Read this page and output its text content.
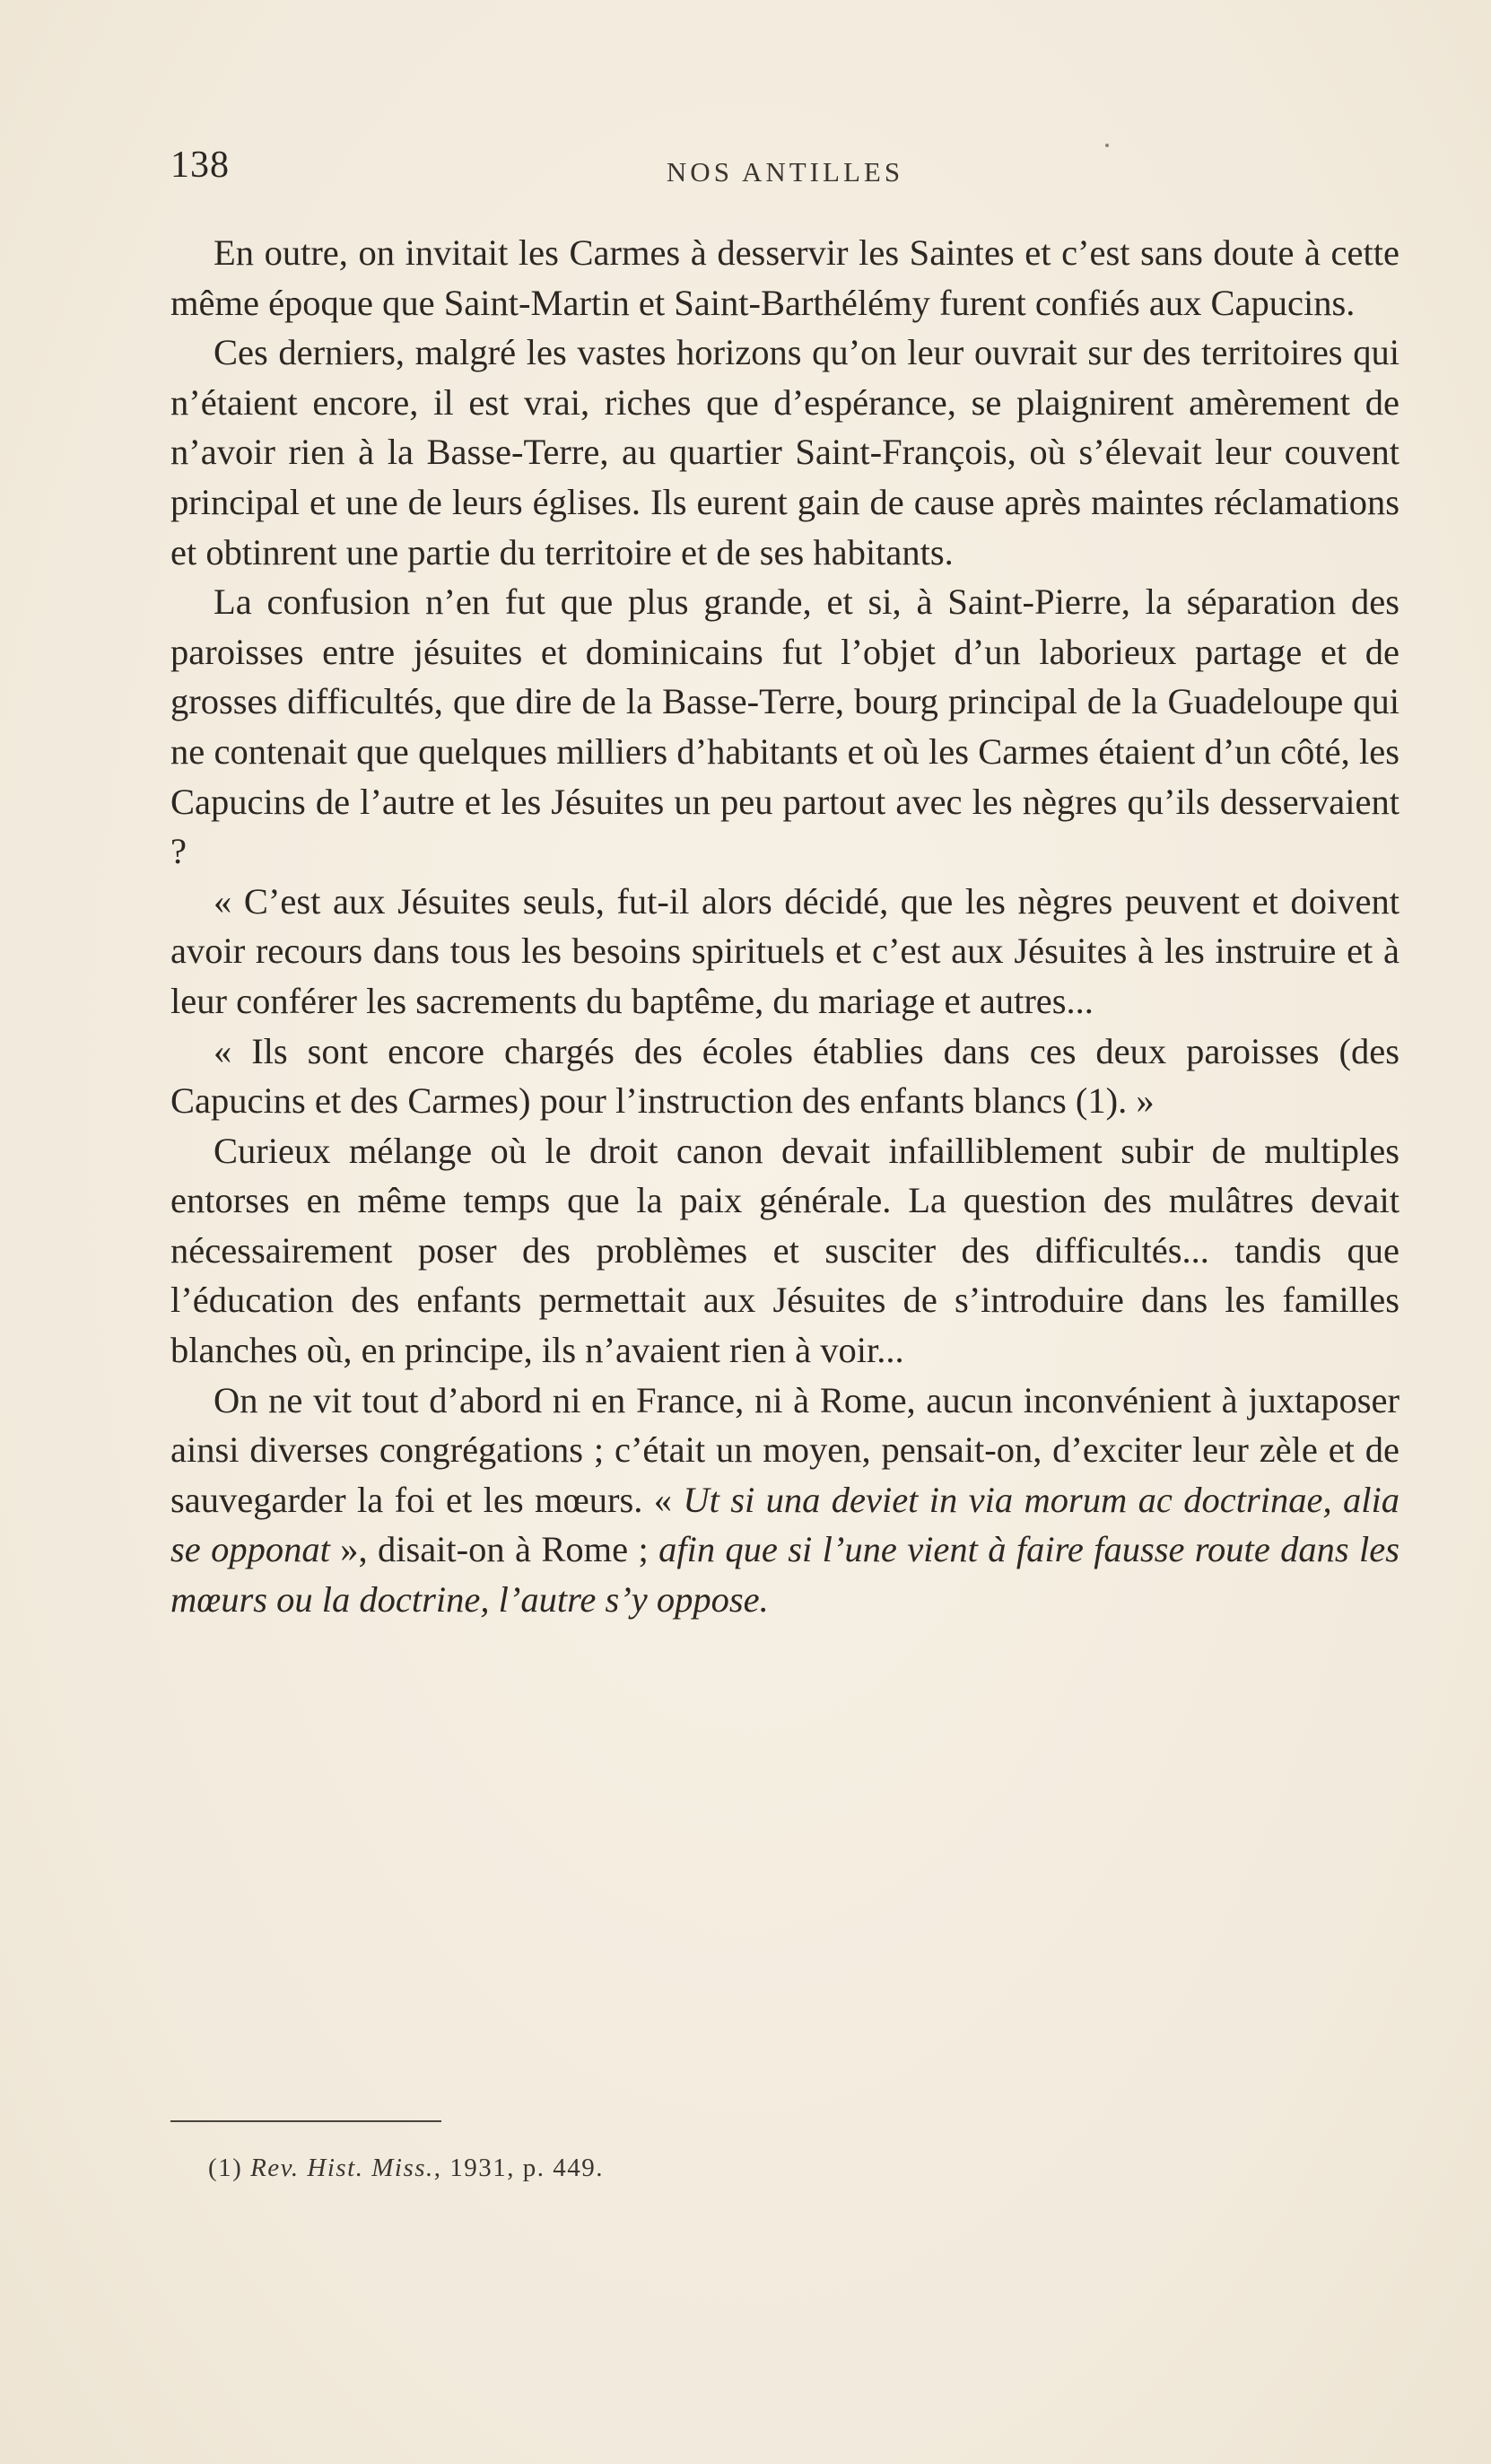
138	NOS ANTILLES

En outre, on invitait les Carmes à desservir les Saintes et c’est sans doute à cette même époque que Saint-Martin et Saint-Barthélémy furent confiés aux Capucins.

Ces derniers, malgré les vastes horizons qu’on leur ouvrait sur des territoires qui n’étaient encore, il est vrai, riches que d’espérance, se plaignirent amèrement de n’avoir rien à la Basse-Terre, au quartier Saint-François, où s’élevait leur couvent principal et une de leurs églises. Ils eurent gain de cause après maintes réclamations et obtinrent une partie du territoire et de ses habitants.

La confusion n’en fut que plus grande, et si, à Saint-Pierre, la séparation des paroisses entre jésuites et dominicains fut l’objet d’un laborieux partage et de grosses difficultés, que dire de la Basse-Terre, bourg principal de la Guadeloupe qui ne contenait que quelques milliers d’habitants et où les Carmes étaient d’un côté, les Capucins de l’autre et les Jésuites un peu partout avec les nègres qu’ils desservaient ?

« C’est aux Jésuites seuls, fut-il alors décidé, que les nègres peuvent et doivent avoir recours dans tous les besoins spirituels et c’est aux Jésuites à les instruire et à leur conférer les sacrements du baptême, du mariage et autres...

« Ils sont encore chargés des écoles établies dans ces deux paroisses (des Capucins et des Carmes) pour l’instruction des enfants blancs (1). »

Curieux mélange où le droit canon devait infailliblement subir de multiples entorses en même temps que la paix générale. La question des mulâtres devait nécessairement poser des problèmes et susciter des difficultés... tandis que l’éducation des enfants permettait aux Jésuites de s’introduire dans les familles blanches où, en principe, ils n’avaient rien à voir...

On ne vit tout d’abord ni en France, ni à Rome, aucun inconvénient à juxtaposer ainsi diverses congrégations ; c’était un moyen, pensait-on, d’exciter leur zèle et de sauvegarder la foi et les mœurs. « Ut si una deviet in via morum ac doctrinae, alia se opponat », disait-on à Rome ; afin que si l’une vient à faire fausse route dans les mœurs ou la doctrine, l’autre s’y oppose.

(1) Rev. Hist. Miss., 1931, p. 449.
